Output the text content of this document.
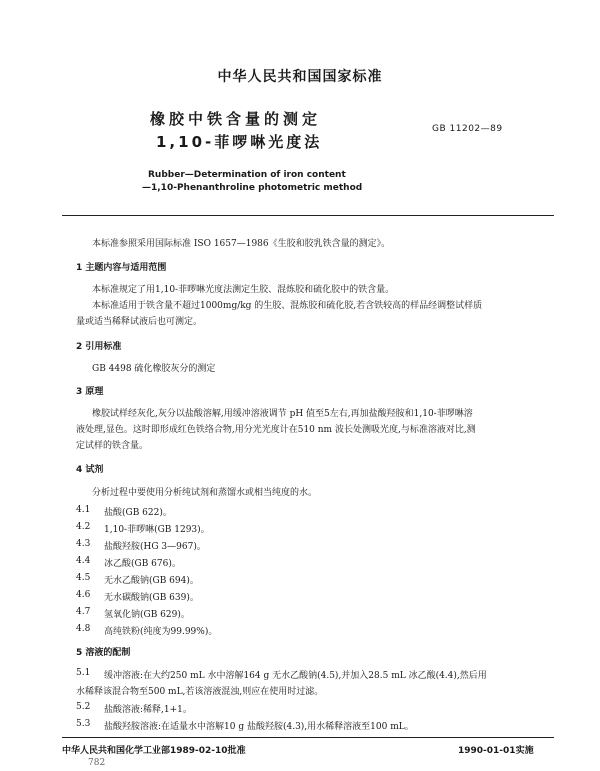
中华人民共和国国家标准
橡胶中铁含量的测定
1,10-菲啰啉光度法
GB 11202—89
Rubber—Determination of iron content
—1,10-Phenanthroline photometric method
本标准参照采用国际标准 ISO 1657—1986《生胶和胶乳铁含量的测定》。
1 主题内容与适用范围
本标准规定了用1,10-菲啰啉光度法测定生胶、混炼胶和硫化胶中的铁含量。
本标准适用于铁含量不超过1000mg/kg 的生胶、混炼胶和硫化胶,若含铁较高的样品经调整试样质
量或适当稀释试液后也可测定。
2 引用标准
GB 4498 硫化橡胶灰分的测定
3 原理
橡胶试样经灰化,灰分以盐酸溶解,用缓冲溶液调节 pH 值至5左右,再加盐酸羟胺和1,10-菲啰啉溶
液处理,显色。这时即形成红色铁络合物,用分光光度计在510 nm 波长处测吸光度,与标准溶液对比,测
定试样的铁含量。
4 试剂
分析过程中要使用分析纯试剂和蒸馏水或相当纯度的水。
4.1 盐酸(GB 622)。
4.2 1,10-菲啰啉(GB 1293)。
4.3 盐酸羟胺(HG 3—967)。
4.4 冰乙酸(GB 676)。
4.5 无水乙酸钠(GB 694)。
4.6 无水碳酸钠(GB 639)。
4.7 氢氧化钠(GB 629)。
4.8 高纯铁粉(纯度为99.99%)。
5 溶液的配制
5.1 缓冲溶液:在大约250 mL 水中溶解164 g 无水乙酸钠(4.5),并加入28.5 mL 冰乙酸(4.4),然后用
水稀释该混合物至500 mL,若该溶液混浊,则应在使用时过滤。
5.2 盐酸溶液:稀释,1+1。
5.3 盐酸羟胺溶液:在适量水中溶解10 g 盐酸羟胺(4.3),用水稀释溶液至100 mL。
中华人民共和国化学工业部1989-02-10批准	1990-01-01实施
782
